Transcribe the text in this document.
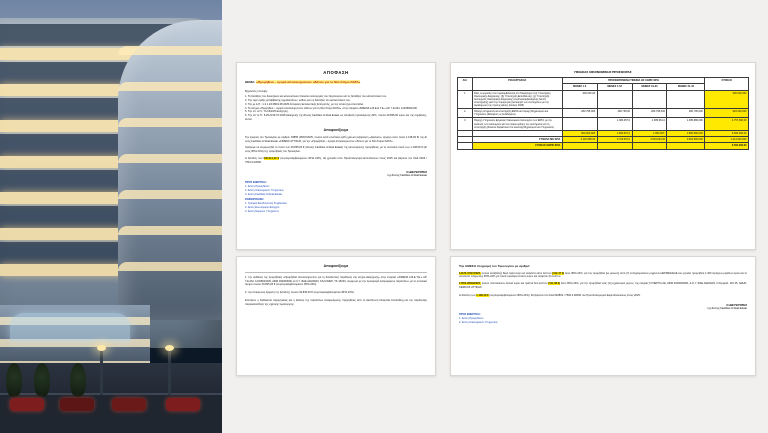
ΑΠΟΦΑΣΗ
ΘΕΜΑ: «Προμήθεια – αγορά αποσκληρυντών υδάτων για το Νέο Κτίριο DATA»
Έχοντας υπόψη:
1. Το διατάξεις του διοικητικού και κανονιστικού πλαισίου λειτουργίας του Οργανισμού και τις διατάξεις του καταστατικού του.
2. Την περί ορθής μεταβίβασης αρμοδιοτήτων, καθώς και τις διατάξεις του καταστατικού του.
3. Την με Α.Π.: 1.3.1.2/138/19.08.2025 Απόφαση Εκτελεστικής Επιτροπής, με την οποία έχει αποσταλεί.
4. Το αίτημα «Προμήθεια – αγορά αποσκληρυντών υδάτων για το Νέο Κτίριο DATA», στην εταιρεία «ΣΙΜΕΝΣ Α.Β.Ε.Ε.Τ.Ε.» ΑΡ. 7.Ε.ΜΗ. 12345601000.
5. Την υπ. Α.Π.: 71/13/2/25 Εισήγηση.
6. Την υπ' Α.Π.: 8.2/1/3/19.07.2025 Διακήρυξη της Δ/νσης Facilities & Real Estate ως αποβολή προσκόμισης 20%, ποσού 49.835,00 ευρώ και της σύμβασης, αυτού.
Αποφασίζουμε
Την έγκριση του Τιμολογίου με αριθμό: 03855 (05/07/2025, ποσού κατά συνέπεια ορθή χρέωση εξόφληση «Ωρανίου» τρίμηνο αυτό ποσό 1.138,09 €) της Δ/νσης Facilities & Real Estate «ΣΙΜΕΝΣ ΑΤΤΙΚΗΣ, για την «Προμήθεια – αγορά αποσκληρυντών υδάτων για το Νέο Κτίριο DATA».
Ορίζουμε να συμφωνηθεί το ποσό των 49.835,00 € (Δ/νσης Facilities & Real Estate) της κανονισμένης προμήθειας, με το συνολικό ποσό των 1.138,09 € (Δ/νσης ΦΠΑ 24%) της προμήθειας του Τιμολογίου.
Η δαπάνη των 246.2x1,13 € (συμπεριλαμβανομένου ΦΠΑ 24%), θα χρεωθεί στον Προϋπολογισμό Επενδύσεων έτους 2025 και βαρύνει τον ΚΑΔ 0493 / 7501.0.02066.
Ο ΔΙΕΥΘΥΝΤΗΣ
της Δ/νσης Facilities & Real Estate
ΠΡΟΣ ΕΝΕΡΓΕΙΑ:
1. Δ/νση Προμηθειών
2. Δ/νση Οικονομικών Υπηρεσιών
3. Δ/νση Facilities & Real Estate
ΚΟΙΝΟΠΟΙΗΣΗ:
1. Γραφείο Διευθύνοντος Συμβούλου
2. Δ/νση Εσωτερικού Ελέγχου
3. Δ/νση Νομικών Υπηρεσιών
ΠΙΝΑΚΑΣ ΟΙΚΟΝΟΜΙΚΗΣ ΠΡΟΣΦΟΡΑΣ
Α/Α	ΡΟΗ ΕΡΓΑΣΙΑΣ	ΠΡΟΣΦΕΡΟΜΕΝΗ ΤΙΜΗΜΑ ΩΣ ΧΩΡΙΣ ΦΠΑ				ΣΥΝΟΛΟ
		ΜΗΝΕΣ 1-6	ΜΗΝΕΣ 7-18	ΜΗΝΕΣ 19-30	ΜΗΝΕΣ 31-42	
1	Όλες οι εργασίες που περιλαμβάνονται στο Παράρτημα Ι (α) Υποστήριξη Οικονομικής Διαχείρισης, (β) Υποστήριξη Εκπαίδευσης, (γ) Υποστήριξη Λειτουργίας Οικονομικής Διαχείρισης (συμπεριλαμβανομένης 3ετούς υποστήριξης) μετά την παραγωγική λειτουργία των συστημάτων με την ολοκλήρωση της πρώτης φάσης (Ιούλιος 2025)	900.000,00				900.000,000
2	Παροχή υπηρεσιών και επιστημήξη ERTA και παροχή Μηχανισμού και Υπηρεσιών (Δεδομένα ως & Δεδομένα)	280.795,000	280.795,00	280.795,000	280.795,000	943.240,000
3	Παροχή Υπηρεσιών Εργασίας Οικονομικού Λειτουργών των ERTA, με την ανάλυση των λειτουργιών και του ετοίμου φάσης του συστήματος και τη υποστήριξη (Finance Department Co sourcing Μηχανισμού και Υπηρεσιών)		1.380.667,0	1.385.661,0	1.385.886,006	4.757.666,00
		900.000,000	1.860.667,0	1.864.66?,	1.866.666,006	6.590.906,00
	ΣΥΝΟΛΟ ΜΕ ΦΠΑ	3.116.658,00	3.704.667,0	3.504.664,00	3.504.665,006	1.214.640,840
	ΣΥΝΟΛΟ ΧΩΡΙΣ ΦΠΑ					6.590.906,00
Αποφασίζουμε
1. την ανάθεση της προμήθειας «Προμήθεια αποσκληρυντών για τη διευθυντική παράδοση στη κτήριο Διακήρυξη» στην εταιρεία «ΣΙΜΕΝΣ Α.Β.Ε.Τ.Ε.» ΑΡ. 7.Ε.ΜΗ. 12345601000, ΑΦΜ 300000000, Δ.Ο.Υ. ΦΑΕ ΑΘΗΝΩΝ, ΧΑΛΑΝΔΡΙ, ΤΚ 15233, σύμφωνα με την προσφορά αναφερόμενη παραπάνω, με το συνολικό τίμημα ποσού 49.835,00 € (συμπεριλαμβανομένου ΦΠΑ 24%).
2. την επικύρωση έγκριση της δαπάνης ποσού 49.835,00 € (συμπεριλαμβανομένου ΦΠΑ 24%).
Επιπλέον η διαδικασία παραγγελίας και η έκδοση της παραπάνω αναφερόμενης προμήθειας από τη Διεύθυνση Financial Controlling και την παράλληλη παρακολούθηση της σχετικής τιμολόγησης.
Την ΑΜΕΣΗ πληρωμή του Τιμολογίου με αριθμό:
13470-07/07/2025, ποσού καταβολής δέκα τρεία ευρώ κα σαράντα οκτώ λεπτών (312,47 €) άνευ ΦΠΑ 24%, για την προμήθεια (με μείωση) αυτό (7) επαγγελματικών μηχανών ΗΕΡΜΕΚ/ΕΑΕ του μηνιαίο προμήθεια 1.400 τεμάχιων μερίδων αφού και το υπόλοιπο πλήρωσης ΦΠΑ 24% για ποσά τιμολόγιο ένταση ευρώ και τετάρτου (δι λεπτών
17353-28/08/2025, ποσού πεντακοσίων έντεκα ευρώ και τριάντα δύο λεπτών (511,38 €) άνευ ΦΠΑ 24%, για την προμήθεια ενός (1) μηχανισμού μηνών, της εταιρίας ΣΥΝΕΡΓΙΑ ΑΕ, ΑΦΜ 3000000000, Δ.Ο.Υ. ΦΑΕ ΑΘΗΝΩΝ, Ν.Κηφισιά, 115 25, ΑΘΗΝ, ΚΕΦΙΚΟΣ ΑΤΤΙΚΗΣ.
Η δαπάνη των 1.138,49 € (συμπεριλαμβανομένου ΦΠΑ 24%), θα βαρύνει τον ΚΑΔ 640803 / 7500.3.00066 του Προϋπολογισμού Εκμεταλλεύσεως έτους 2025.
Ο ΔΙΕΥΘΥΝΤΗΣ
της Δ/νσης Facilities & Real Estate
ΠΡΟΣ ΕΝΕΡΓΕΙΑ:
1. Δ/νση Προμηθειών
2. Δ/νση Οικονομικών Υπηρεσιών
